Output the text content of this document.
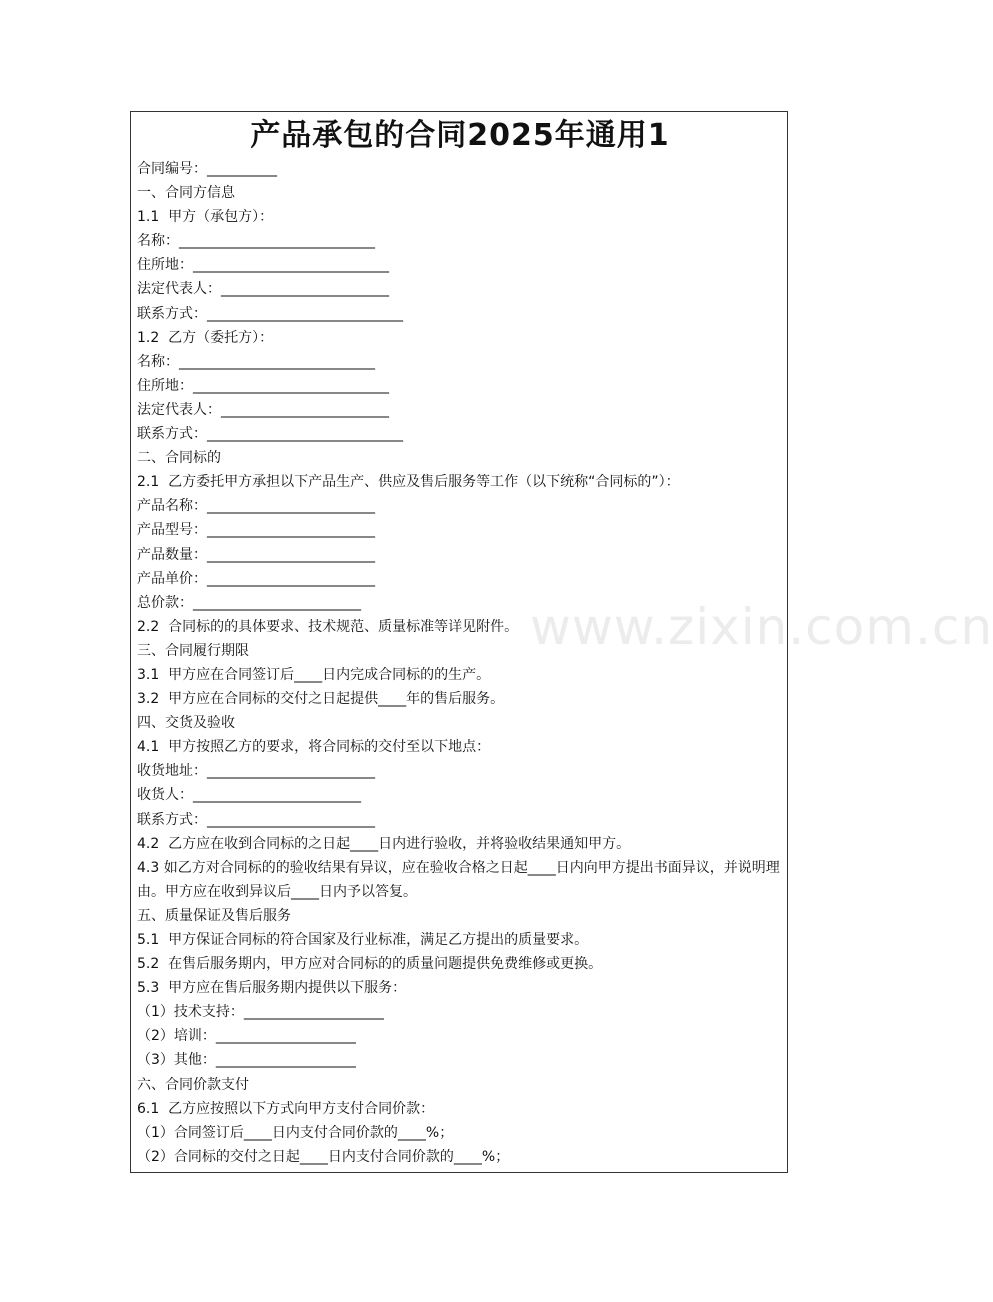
产品承包的合同2025年通用1
合同编号：__________
一、合同方信息
1.1  甲方（承包方）：
名称：____________________________
住所地：____________________________
法定代表人：________________________
联系方式：____________________________
1.2  乙方（委托方）：
名称：____________________________
住所地：____________________________
法定代表人：________________________
联系方式：____________________________
二、合同标的
2.1  乙方委托甲方承担以下产品生产、供应及售后服务等工作（以下统称“合同标的”）：
产品名称：________________________
产品型号：________________________
产品数量：________________________
产品单价：________________________
总价款：________________________
2.2  合同标的的具体要求、技术规范、质量标准等详见附件。
三、合同履行期限
3.1  甲方应在合同签订后____日内完成合同标的的生产。
3.2  甲方应在合同标的交付之日起提供____年的售后服务。
四、交货及验收
4.1  甲方按照乙方的要求，将合同标的交付至以下地点：
收货地址：________________________
收货人：________________________
联系方式：________________________
4.2  乙方应在收到合同标的之日起____日内进行验收，并将验收结果通知甲方。
4.3 如乙方对合同标的的验收结果有异议，应在验收合格之日起____日内向甲方提出书面异议，并说明理由。甲方应在收到异议后____日内予以答复。
五、质量保证及售后服务
5.1  甲方保证合同标的符合国家及行业标准，满足乙方提出的质量要求。
5.2  在售后服务期内，甲方应对合同标的的质量问题提供免费维修或更换。
5.3  甲方应在售后服务期内提供以下服务：
（1）技术支持：____________________
（2）培训：____________________
（3）其他：____________________
六、合同价款支付
6.1  乙方应按照以下方式向甲方支付合同价款：
（1）合同签订后____日内支付合同价款的____%；
（2）合同标的交付之日起____日内支付合同价款的____%；
www.zixin.com.cn
